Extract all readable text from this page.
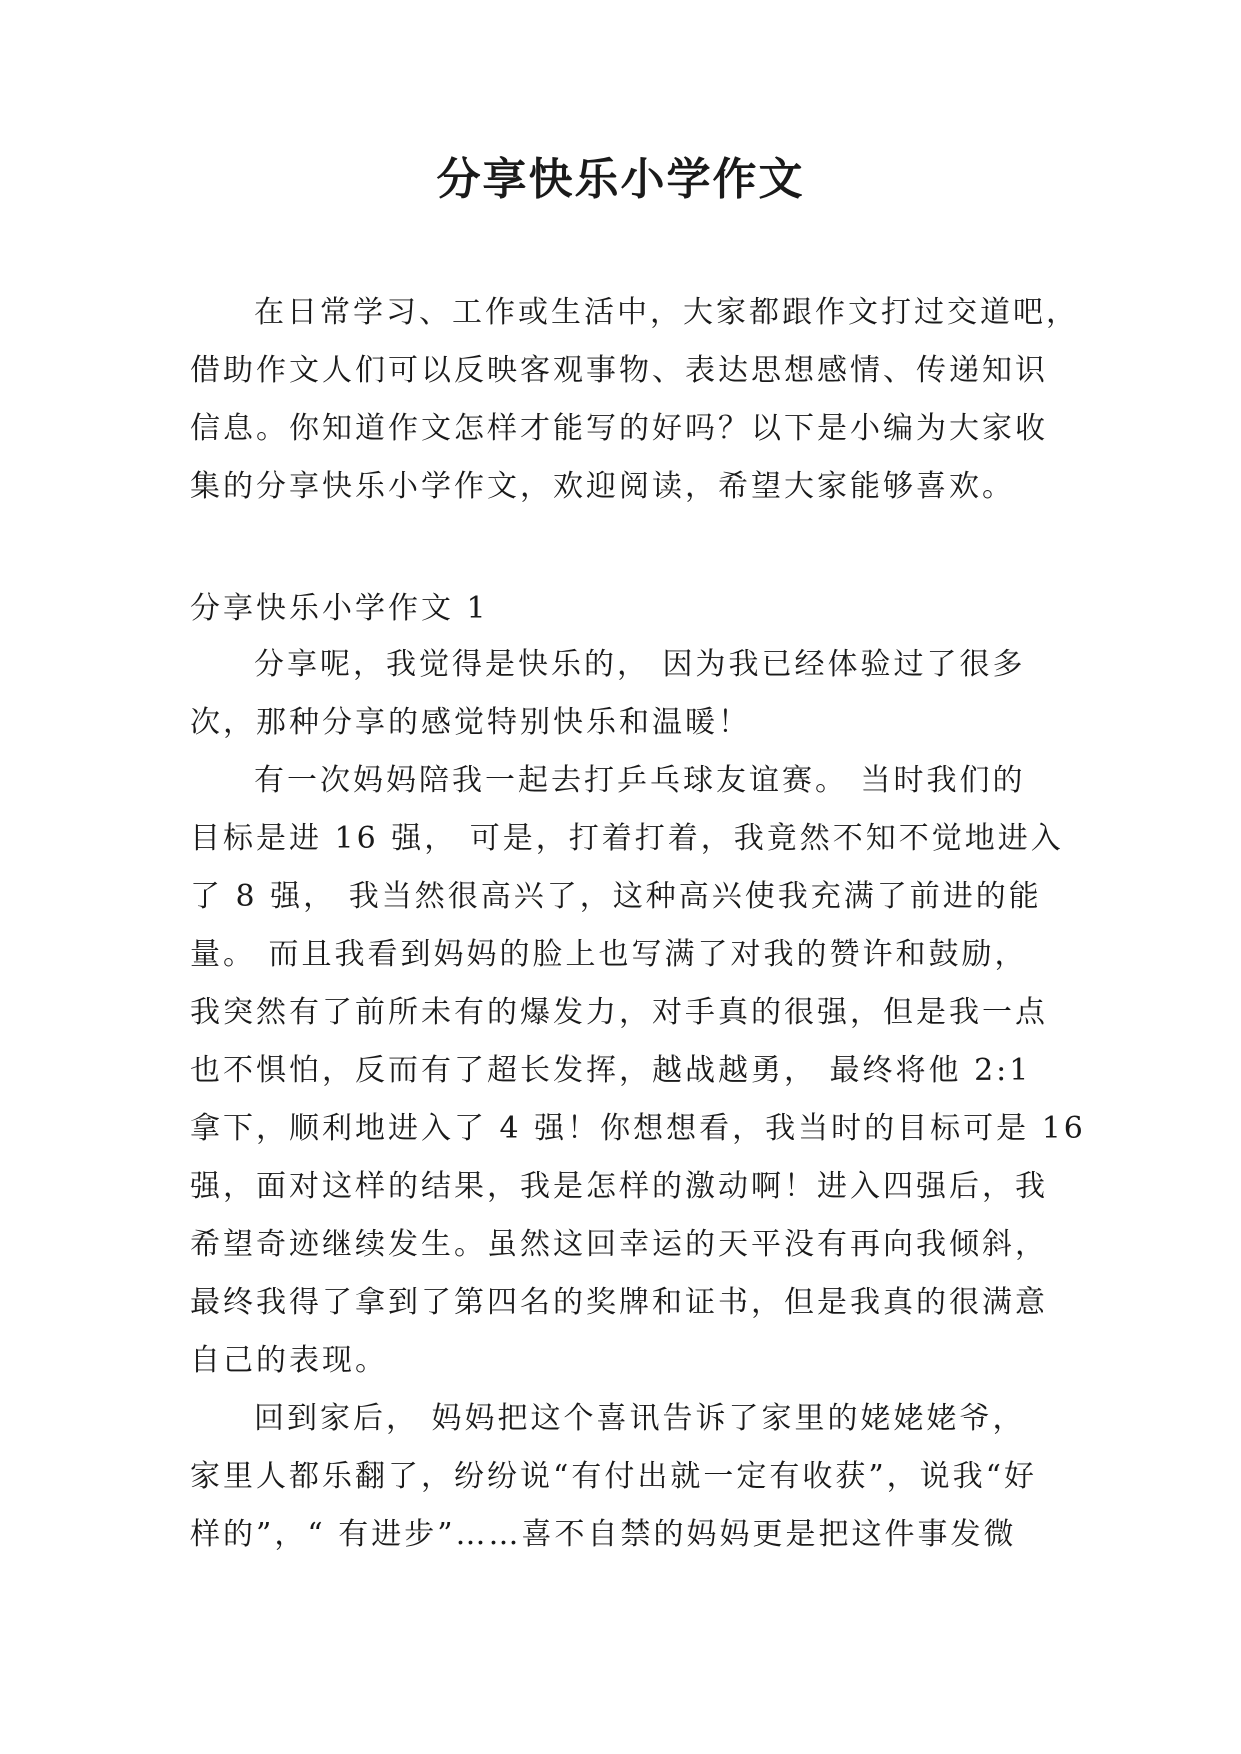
分享快乐小学作文
在日常学习、工作或生活中，大家都跟作文打过交道吧，
借助作文人们可以反映客观事物、表达思想感情、传递知识
信息。你知道作文怎样才能写的好吗？以下是小编为大家收
集的分享快乐小学作文，欢迎阅读，希望大家能够喜欢。
分享快乐小学作文 1
分享呢，我觉得是快乐的， 因为我已经体验过了很多
次，那种分享的感觉特别快乐和温暖！
有一次妈妈陪我一起去打乒乓球友谊赛。 当时我们的
目标是进 16 强， 可是，打着打着，我竟然不知不觉地进入
了 8 强， 我当然很高兴了，这种高兴使我充满了前进的能
量。 而且我看到妈妈的脸上也写满了对我的赞许和鼓励，
我突然有了前所未有的爆发力，对手真的很强，但是我一点
也不惧怕，反而有了超长发挥，越战越勇， 最终将他 2:1
拿下，顺利地进入了 4 强！你想想看，我当时的目标可是 16
强，面对这样的结果，我是怎样的激动啊！进入四强后，我
希望奇迹继续发生。虽然这回幸运的天平没有再向我倾斜，
最终我得了拿到了第四名的奖牌和证书，但是我真的很满意
自己的表现。
回到家后， 妈妈把这个喜讯告诉了家里的姥姥姥爷，
家里人都乐翻了，纷纷说“有付出就一定有收获”，说我“好
样的”，“ 有进步”……喜不自禁的妈妈更是把这件事发微
